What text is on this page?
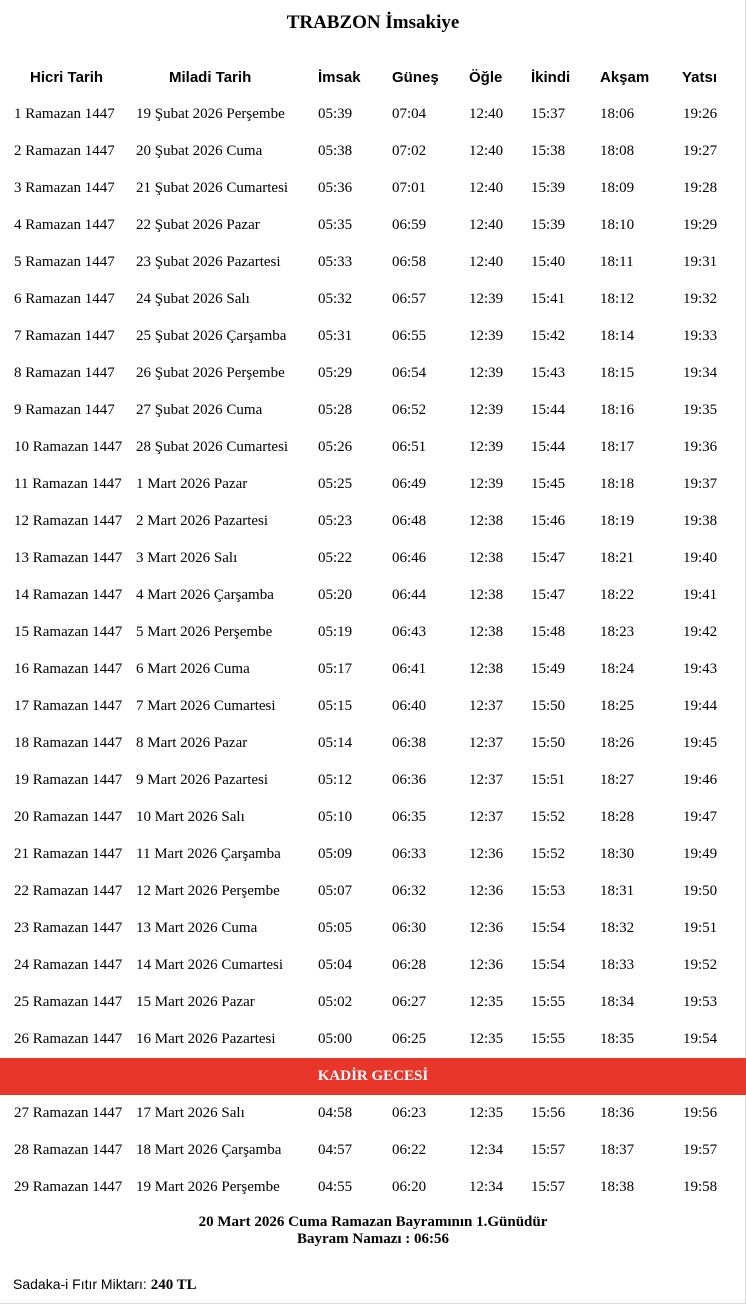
TRABZON İmsakiye
Hicri Tarih	Miladi Tarih	İmsak	Güneş	Öğle	İkindi	Akşam	Yatsı
1 Ramazan 1447	19 Şubat 2026 Perşembe	05:39	07:04	12:40	15:37	18:06	19:26
2 Ramazan 1447	20 Şubat 2026 Cuma	05:38	07:02	12:40	15:38	18:08	19:27
3 Ramazan 1447	21 Şubat 2026 Cumartesi	05:36	07:01	12:40	15:39	18:09	19:28
4 Ramazan 1447	22 Şubat 2026 Pazar	05:35	06:59	12:40	15:39	18:10	19:29
5 Ramazan 1447	23 Şubat 2026 Pazartesi	05:33	06:58	12:40	15:40	18:11	19:31
6 Ramazan 1447	24 Şubat 2026 Salı	05:32	06:57	12:39	15:41	18:12	19:32
7 Ramazan 1447	25 Şubat 2026 Çarşamba	05:31	06:55	12:39	15:42	18:14	19:33
8 Ramazan 1447	26 Şubat 2026 Perşembe	05:29	06:54	12:39	15:43	18:15	19:34
9 Ramazan 1447	27 Şubat 2026 Cuma	05:28	06:52	12:39	15:44	18:16	19:35
10 Ramazan 1447	28 Şubat 2026 Cumartesi	05:26	06:51	12:39	15:44	18:17	19:36
11 Ramazan 1447	1 Mart 2026 Pazar	05:25	06:49	12:39	15:45	18:18	19:37
12 Ramazan 1447	2 Mart 2026 Pazartesi	05:23	06:48	12:38	15:46	18:19	19:38
13 Ramazan 1447	3 Mart 2026 Salı	05:22	06:46	12:38	15:47	18:21	19:40
14 Ramazan 1447	4 Mart 2026 Çarşamba	05:20	06:44	12:38	15:47	18:22	19:41
15 Ramazan 1447	5 Mart 2026 Perşembe	05:19	06:43	12:38	15:48	18:23	19:42
16 Ramazan 1447	6 Mart 2026 Cuma	05:17	06:41	12:38	15:49	18:24	19:43
17 Ramazan 1447	7 Mart 2026 Cumartesi	05:15	06:40	12:37	15:50	18:25	19:44
18 Ramazan 1447	8 Mart 2026 Pazar	05:14	06:38	12:37	15:50	18:26	19:45
19 Ramazan 1447	9 Mart 2026 Pazartesi	05:12	06:36	12:37	15:51	18:27	19:46
20 Ramazan 1447	10 Mart 2026 Salı	05:10	06:35	12:37	15:52	18:28	19:47
21 Ramazan 1447	11 Mart 2026 Çarşamba	05:09	06:33	12:36	15:52	18:30	19:49
22 Ramazan 1447	12 Mart 2026 Perşembe	05:07	06:32	12:36	15:53	18:31	19:50
23 Ramazan 1447	13 Mart 2026 Cuma	05:05	06:30	12:36	15:54	18:32	19:51
24 Ramazan 1447	14 Mart 2026 Cumartesi	05:04	06:28	12:36	15:54	18:33	19:52
25 Ramazan 1447	15 Mart 2026 Pazar	05:02	06:27	12:35	15:55	18:34	19:53
26 Ramazan 1447	16 Mart 2026 Pazartesi	05:00	06:25	12:35	15:55	18:35	19:54
KADİR GECESİ							
27 Ramazan 1447	17 Mart 2026 Salı	04:58	06:23	12:35	15:56	18:36	19:56
28 Ramazan 1447	18 Mart 2026 Çarşamba	04:57	06:22	12:34	15:57	18:37	19:57
29 Ramazan 1447	19 Mart 2026 Perşembe	04:55	06:20	12:34	15:57	18:38	19:58
20 Mart 2026 Cuma Ramazan Bayramının 1.Günüdür
Bayram Namazı : 06:56
Sadaka-i Fıtır Miktarı: 240 TL
